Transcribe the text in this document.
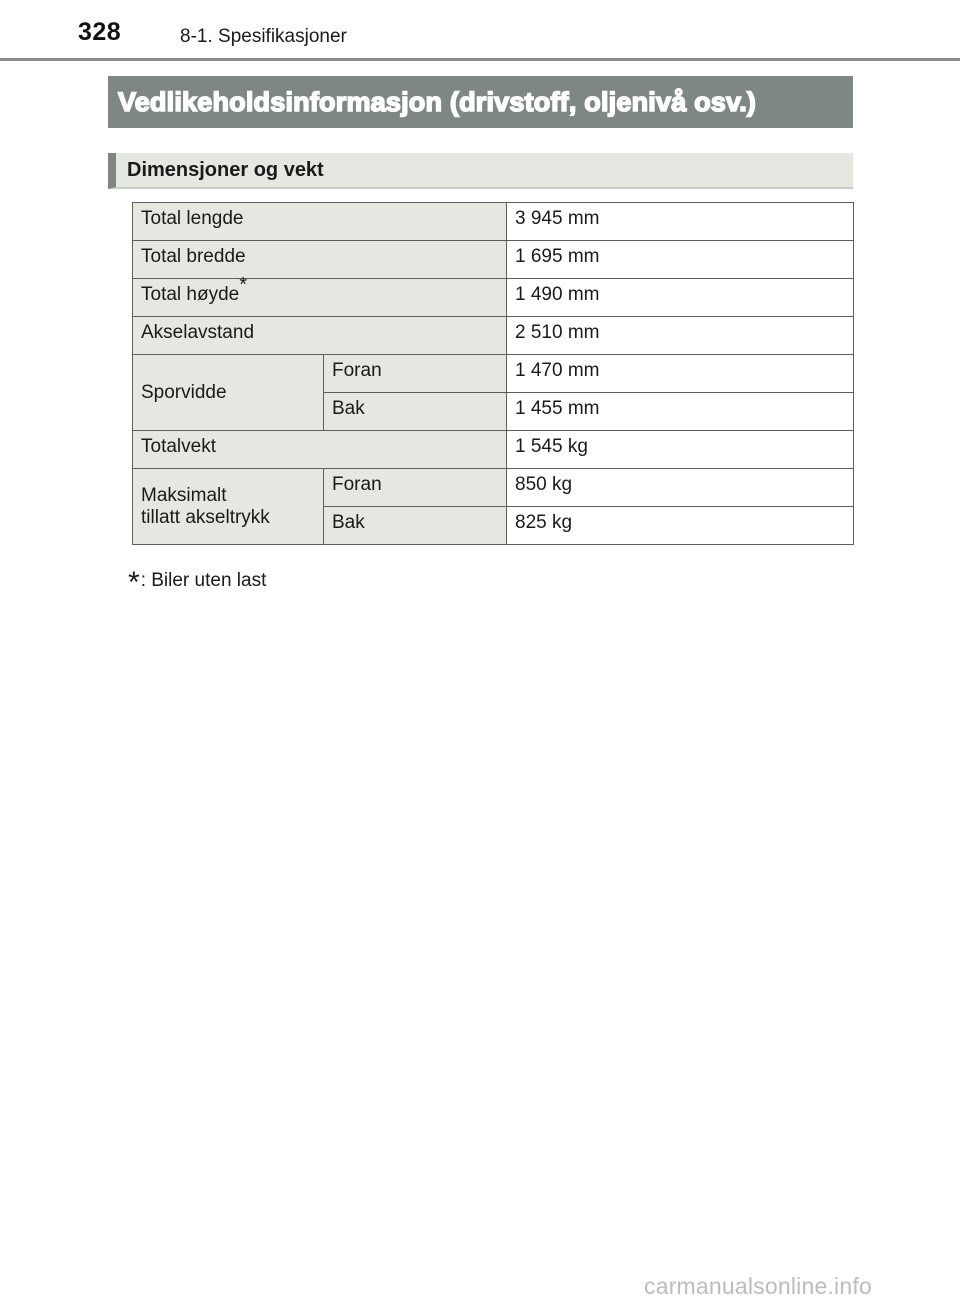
328	8-1. Spesifikasjoner
Vedlikeholdsinformasjon (drivstoff, oljenivå osv.)
Dimensjoner og vekt
Total lengde		3 945 mm
Total bredde		1 695 mm
Total høyde*		1 490 mm
Akselavstand		2 510 mm
Sporvidde	Foran	1 470 mm
	Bak	1 455 mm
Totalvekt		1 545 kg
Maksimalt
tillatt akseltrykk	Foran	850 kg
	Bak	825 kg
*: Biler uten last
carmanualsonline.info
